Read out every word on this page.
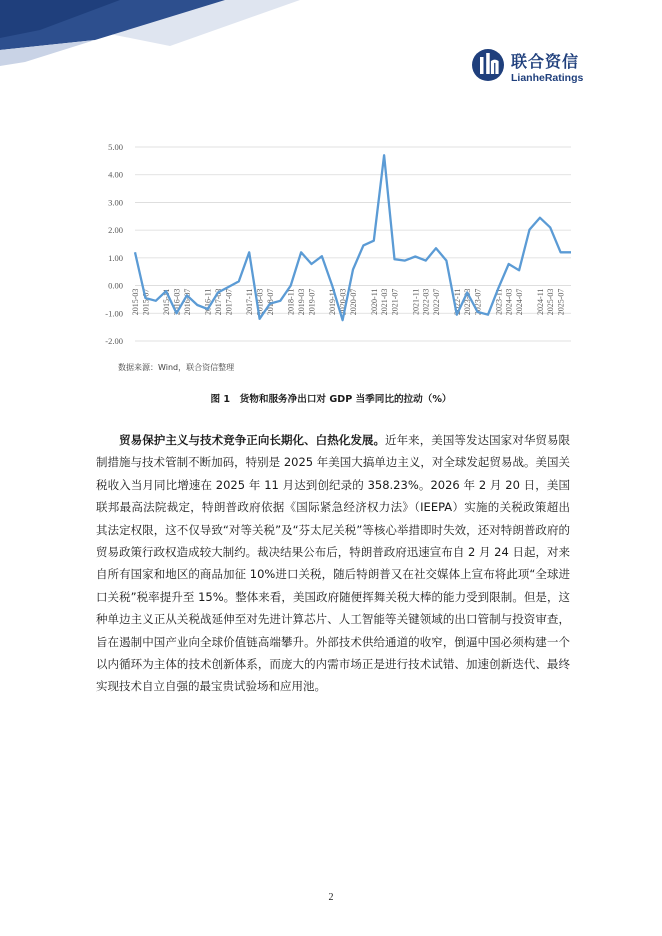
联合资信
LianheRatings
5.00
4.00
3.00
2.00
1.00
0.00
-1.00
-2.00
2015-03 2015-07 2015-11 2016-03 2016-07 2016-11 2017-03 2017-07 2017-11 2018-03 2018-07 2018-11 2019-03 2019-07 2019-11 2020-03 2020-07 2020-11 2021-03 2021-07 2021-11 2022-03 2022-07 2022-11 2023-03 2023-07 2023-11 2024-03 2024-07 2024-11 2025-03 2025-07
数据来源：Wind，联合资信整理
图 1　货物和服务净出口对 GDP 当季同比的拉动（%）

贸易保护主义与技术竞争正向长期化、白热化发展。近年来，美国等发达国家对华贸易限制措施与技术管制不断加码，特别是 2025 年美国大搞单边主义，对全球发起贸易战。美国关税收入当月同比增速在 2025 年 11 月达到创纪录的 358.23%。2026 年 2 月 20 日，美国联邦最高法院裁定，特朗普政府依据《国际紧急经济权力法》（IEEPA）实施的关税政策超出其法定权限，这不仅导致“对等关税”及“芬太尼关税”等核心举措即时失效，还对特朗普政府的贸易政策行政权造成较大制约。裁决结果公布后，特朗普政府迅速宣布自 2 月 24 日起，对来自所有国家和地区的商品加征 10%进口关税，随后特朗普又在社交媒体上宣布将此项“全球进口关税”税率提升至 15%。整体来看，美国政府随便挥舞关税大棒的能力受到限制。但是，这种单边主义正从关税战延伸至对先进计算芯片、人工智能等关键领域的出口管制与投资审查，旨在遏制中国产业向全球价值链高端攀升。外部技术供给通道的收窄，倒逼中国必须构建一个以内循环为主体的技术创新体系，而庞大的内需市场正是进行技术试错、加速创新迭代、最终实现技术自立自强的最宝贵试验场和应用池。

2
